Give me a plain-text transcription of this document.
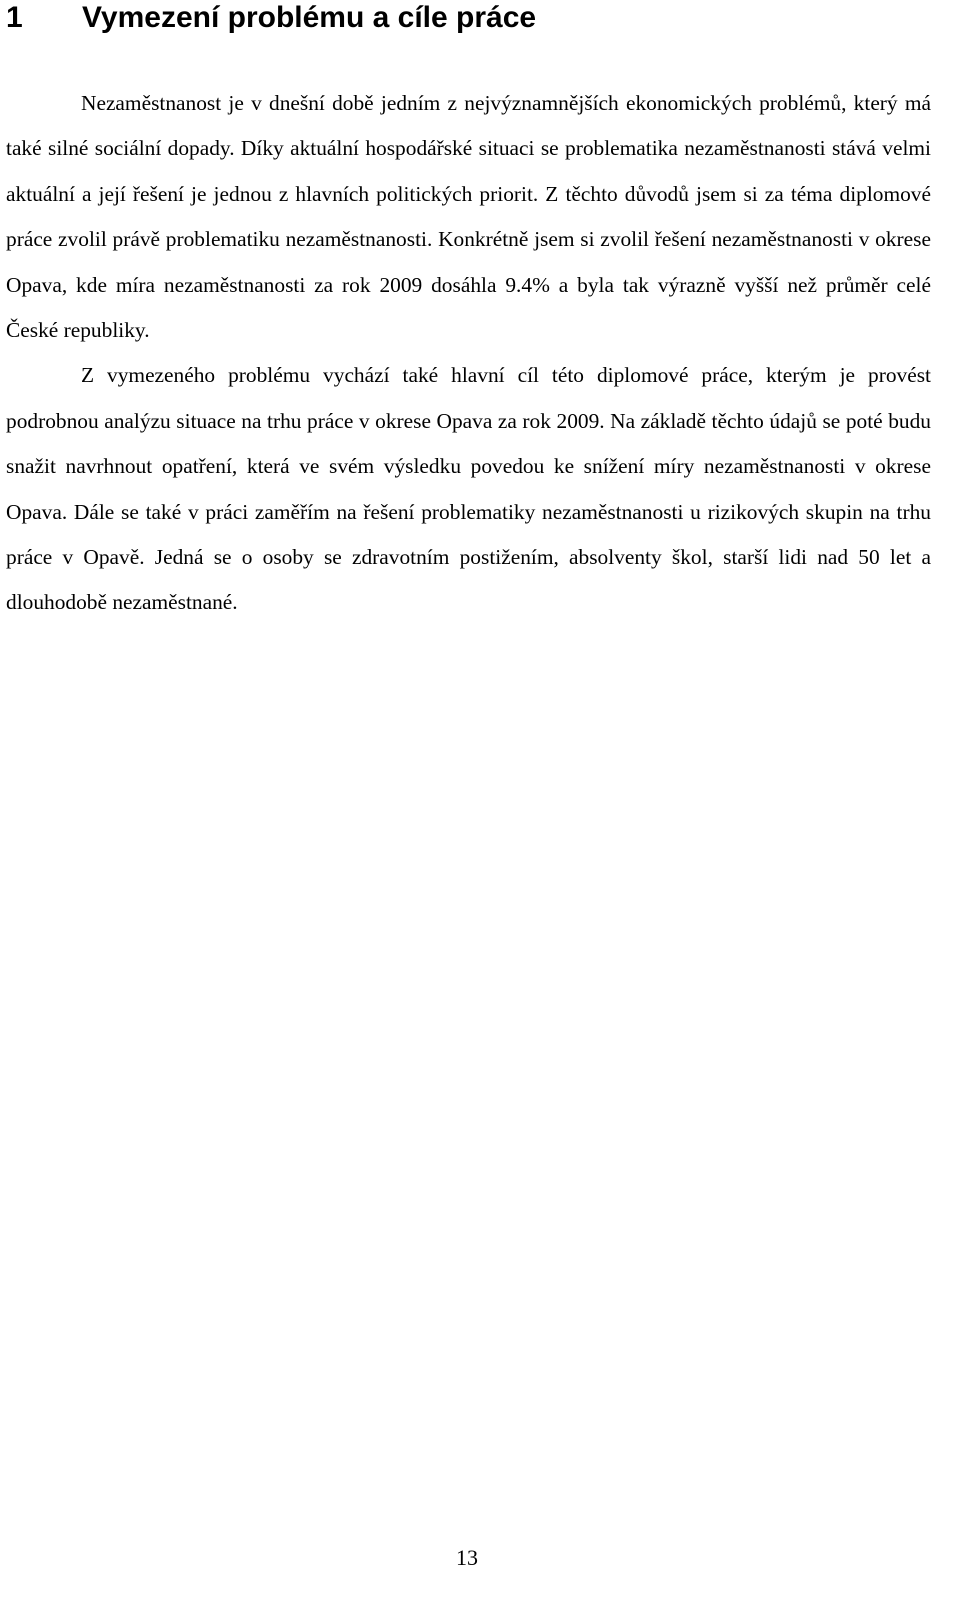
1 Vymezení problému a cíle práce

Nezaměstnanost je v dnešní době jedním z nejvýznamnějších ekonomických problémů, který má také silné sociální dopady. Díky aktuální hospodářské situaci se problematika nezaměstnanosti stává velmi aktuální a její řešení je jednou z hlavních politických priorit. Z těchto důvodů jsem si za téma diplomové práce zvolil právě problematiku nezaměstnanosti. Konkrétně jsem si zvolil řešení nezaměstnanosti v okrese Opava, kde míra nezaměstnanosti za rok 2009 dosáhla 9.4% a byla tak výrazně vyšší než průměr celé České republiky.

Z vymezeného problému vychází také hlavní cíl této diplomové práce, kterým je provést podrobnou analýzu situace na trhu práce v okrese Opava za rok 2009. Na základě těchto údajů se poté budu snažit navrhnout opatření, která ve svém výsledku povedou ke snížení míry nezaměstnanosti v okrese Opava. Dále se také v práci zaměřím na řešení problematiky nezaměstnanosti u rizikových skupin na trhu práce v Opavě. Jedná se o osoby se zdravotním postižením, absolventy škol, starší lidi nad 50 let a dlouhodobě nezaměstnané.

13
